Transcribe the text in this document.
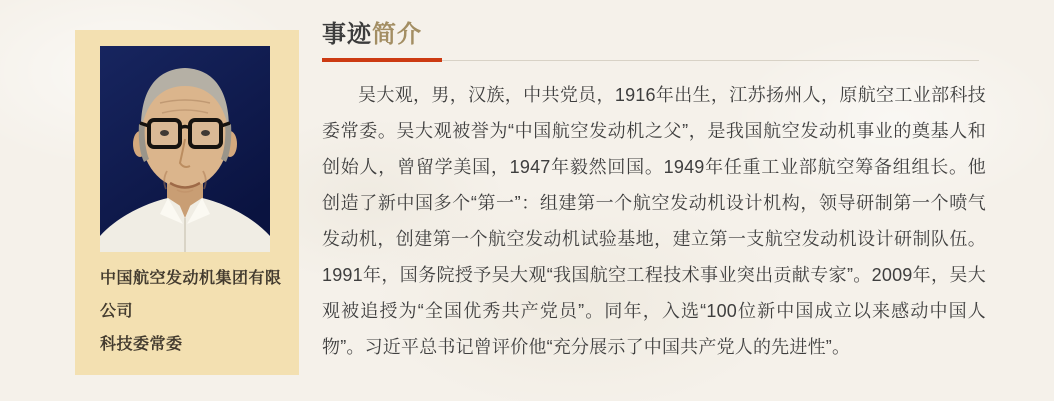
中国航空发动机集团有限公司
科技委常委
事迹简介

吴大观，男，汉族，中共党员，1916年出生，江苏扬州人，原航空工业部科技委常委。吴大观被誉为“中国航空发动机之父”，是我国航空发动机事业的奠基人和创始人，曾留学美国，1947年毅然回国。1949年任重工业部航空筹备组组长。他创造了新中国多个“第一”：组建第一个航空发动机设计机构，领导研制第一个喷气发动机，创建第一个航空发动机试验基地，建立第一支航空发动机设计研制队伍。1991年，国务院授予吴大观“我国航空工程技术事业突出贡献专家”。2009年，吴大观被追授为“全国优秀共产党员”。同年，入选“100位新中国成立以来感动中国人物”。习近平总书记曾评价他“充分展示了中国共产党人的先进性”。
